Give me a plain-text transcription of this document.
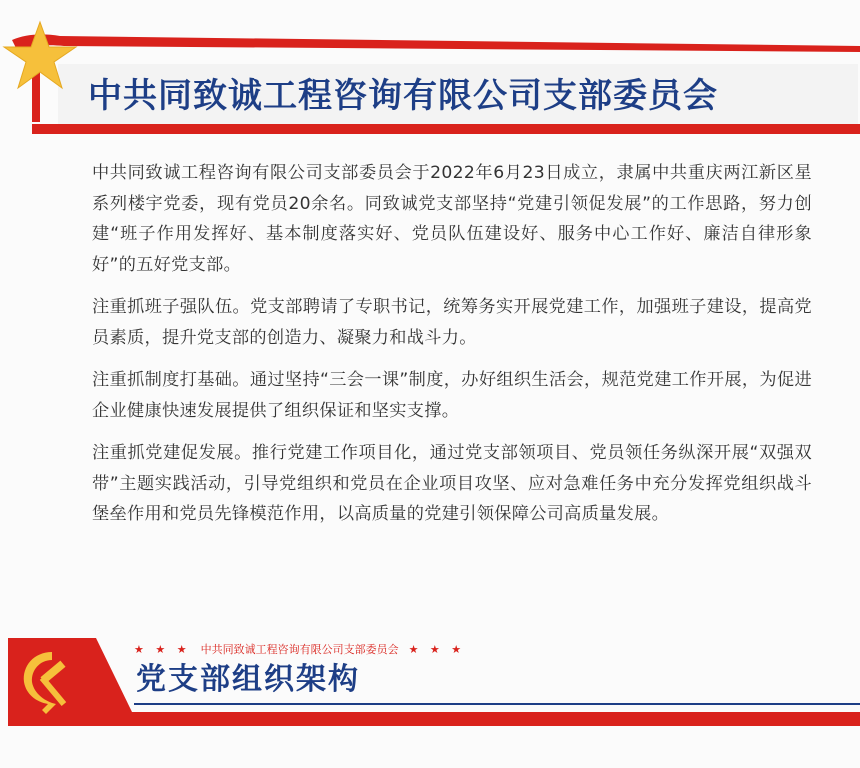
中共同致诚工程咨询有限公司支部委员会

中共同致诚工程咨询有限公司支部委员会于2022年6月23日成立，隶属中共重庆两江新区星系列楼宇党委，现有党员20余名。同致诚党支部坚持“党建引领促发展”的工作思路，努力创建“班子作用发挥好、基本制度落实好、党员队伍建设好、服务中心工作好、廉洁自律形象好”的五好党支部。

注重抓班子强队伍。党支部聘请了专职书记，统筹务实开展党建工作，加强班子建设，提高党员素质，提升党支部的创造力、凝聚力和战斗力。

注重抓制度打基础。通过坚持“三会一课”制度，办好组织生活会，规范党建工作开展，为促进企业健康快速发展提供了组织保证和坚实支撑。

注重抓党建促发展。推行党建工作项目化，通过党支部领项目、党员领任务纵深开展“双强双带”主题实践活动，引导党组织和党员在企业项目攻坚、应对急难任务中充分发挥党组织战斗堡垒作用和党员先锋模范作用，以高质量的党建引领保障公司高质量发展。

★ ★ ★ 中共同致诚工程咨询有限公司支部委员会 ★ ★ ★
党支部组织架构
